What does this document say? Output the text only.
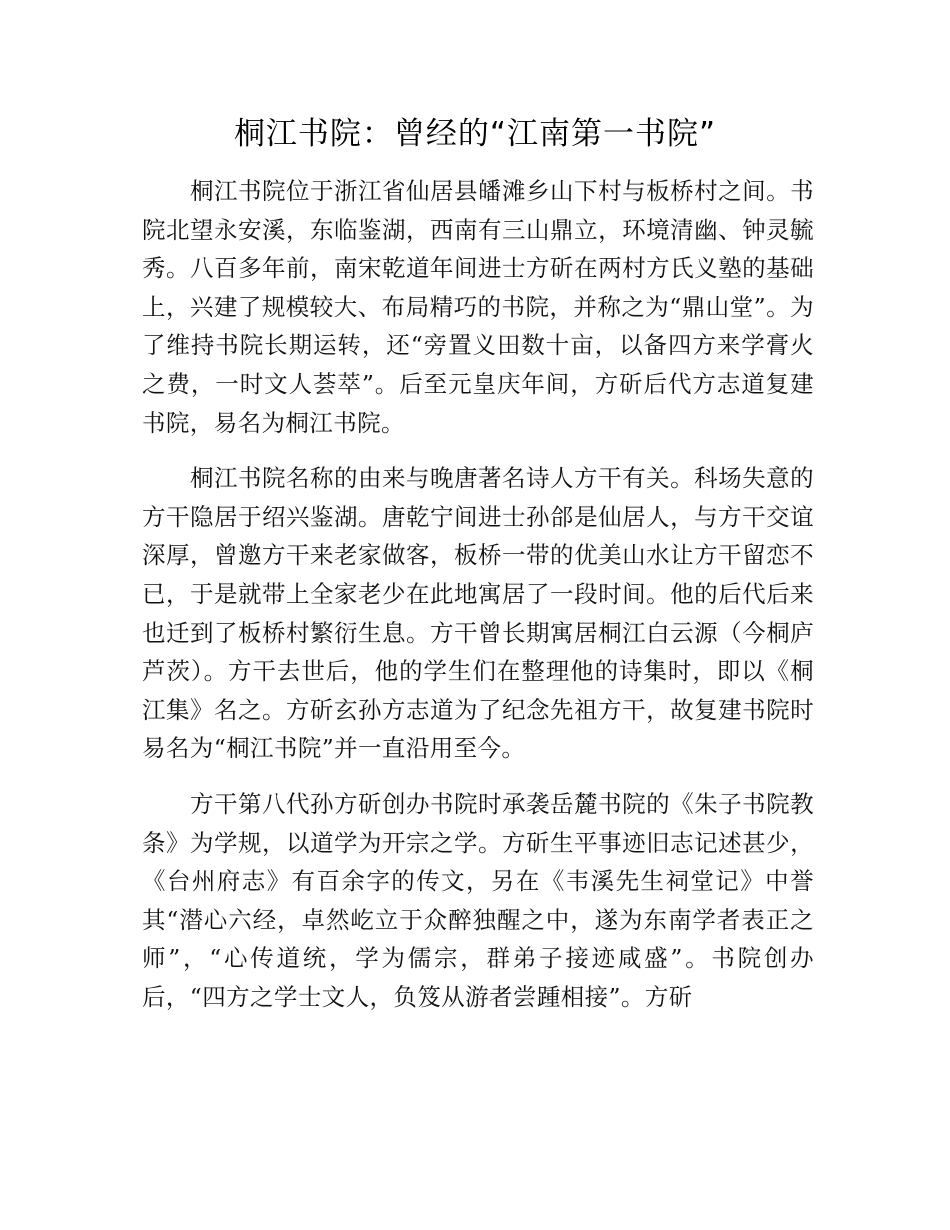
桐江书院：曾经的“江南第一书院”

桐江书院位于浙江省仙居县皤滩乡山下村与板桥村之间。书院北望永安溪，东临鉴湖，西南有三山鼎立，环境清幽、钟灵毓秀。八百多年前，南宋乾道年间进士方斫在两村方氏义塾的基础上，兴建了规模较大、布局精巧的书院，并称之为“鼎山堂”。为了维持书院长期运转，还“旁置义田数十亩，以备四方来学膏火之费，一时文人荟萃”。后至元皇庆年间，方斫后代方志道复建书院，易名为桐江书院。

桐江书院名称的由来与晚唐著名诗人方干有关。科场失意的方干隐居于绍兴鉴湖。唐乾宁间进士孙郃是仙居人，与方干交谊深厚，曾邀方干来老家做客，板桥一带的优美山水让方干留恋不已，于是就带上全家老少在此地寓居了一段时间。他的后代后来也迁到了板桥村繁衍生息。方干曾长期寓居桐江白云源（今桐庐芦茨）。方干去世后，他的学生们在整理他的诗集时，即以《桐江集》名之。方斫玄孙方志道为了纪念先祖方干，故复建书院时易名为“桐江书院”并一直沿用至今。

方干第八代孙方斫创办书院时承袭岳麓书院的《朱子书院教条》为学规，以道学为开宗之学。方斫生平事迹旧志记述甚少，《台州府志》有百余字的传文，另在《韦溪先生祠堂记》中誉其“潜心六经，卓然屹立于众醉独醒之中，遂为东南学者表正之师”，“心传道统，学为儒宗，群弟子接迹咸盛”。书院创办后，“四方之学士文人，负笈从游者尝踵相接”。方斫
